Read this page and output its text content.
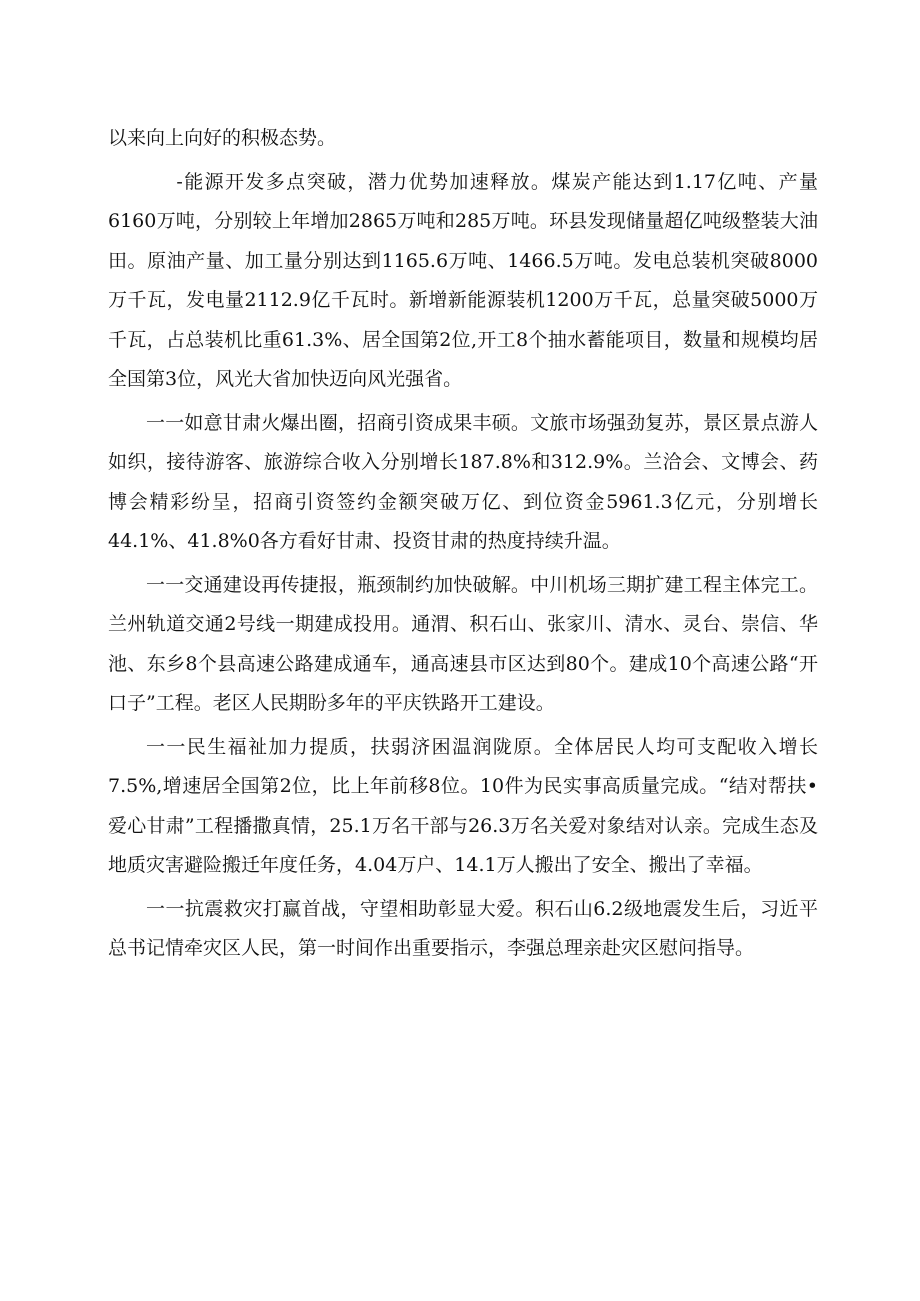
以来向上向好的积极态势。

-能源开发多点突破，潜力优势加速释放。煤炭产能达到1.17亿吨、产量6160万吨，分别较上年增加2865万吨和285万吨。环县发现储量超亿吨级整装大油田。原油产量、加工量分别达到1165.6万吨、1466.5万吨。发电总装机突破8000万千瓦，发电量2112.9亿千瓦时。新增新能源装机1200万千瓦，总量突破5000万千瓦，占总装机比重61.3%、居全国第2位,开工8个抽水蓄能项目，数量和规模均居全国第3位，风光大省加快迈向风光强省。

一一如意甘肃火爆出圈，招商引资成果丰硕。文旅市场强劲复苏，景区景点游人如织，接待游客、旅游综合收入分别增长187.8%和312.9%。兰洽会、文博会、药博会精彩纷呈，招商引资签约金额突破万亿、到位资金5961.3亿元，分别增长44.1%、41.8%0各方看好甘肃、投资甘肃的热度持续升温。

一一交通建设再传捷报，瓶颈制约加快破解。中川机场三期扩建工程主体完工。兰州轨道交通2号线一期建成投用。通渭、积石山、张家川、清水、灵台、崇信、华池、东乡8个县高速公路建成通车，通高速县市区达到80个。建成10个高速公路“开口子”工程。老区人民期盼多年的平庆铁路开工建设。

一一民生福祉加力提质，扶弱济困温润陇原。全体居民人均可支配收入增长7.5%,增速居全国第2位，比上年前移8位。10件为民实事高质量完成。“结对帮扶•爱心甘肃”工程播撒真情，25.1万名干部与26.3万名关爱对象结对认亲。完成生态及地质灾害避险搬迁年度任务，4.04万户、14.1万人搬出了安全、搬出了幸福。

一一抗震救灾打赢首战，守望相助彰显大爱。积石山6.2级地震发生后，习近平总书记情牵灾区人民，第一时间作出重要指示，李强总理亲赴灾区慰问指导。
